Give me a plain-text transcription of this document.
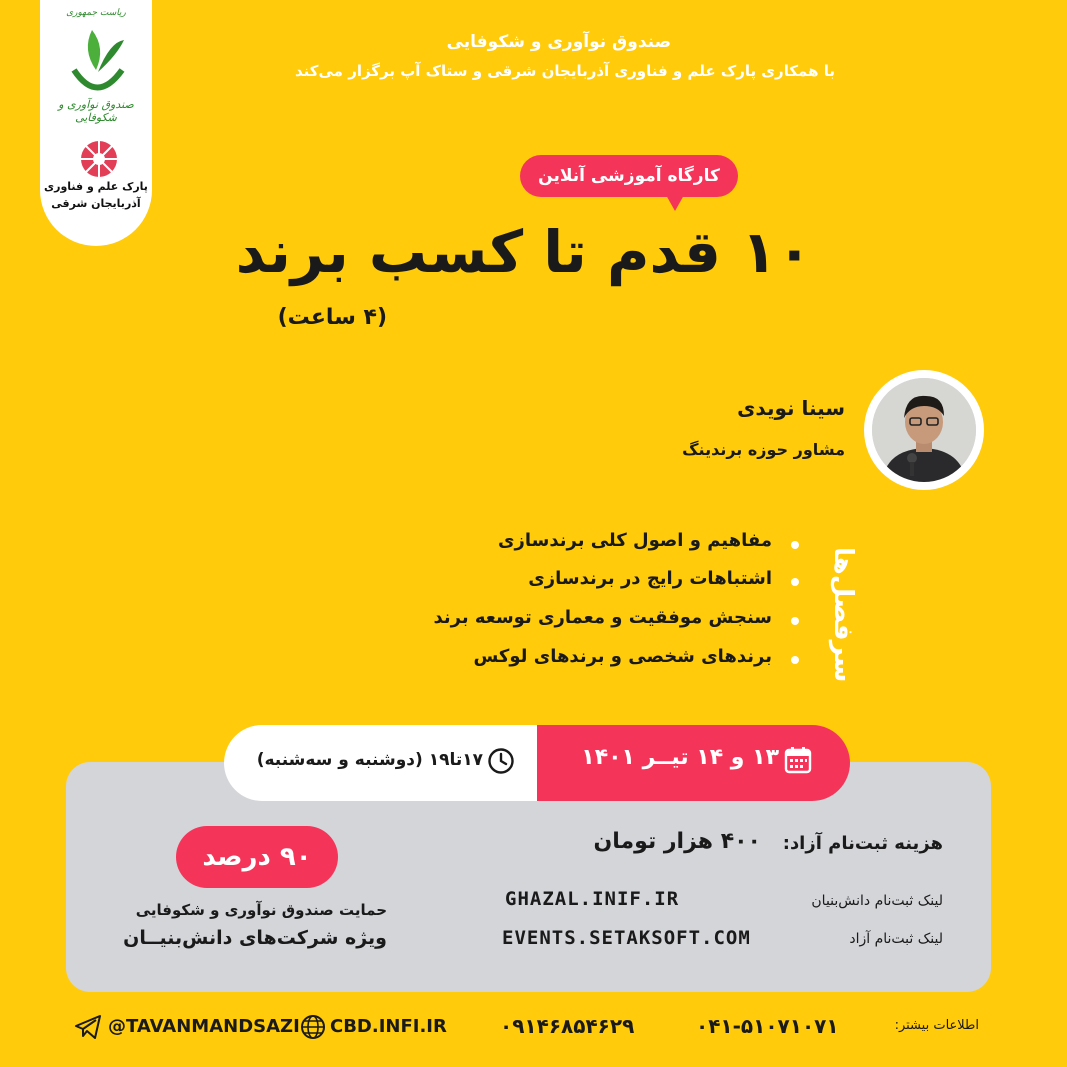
ریاست جمهوری
صندوق نوآوری و شکوفایی
پارک علم و فناوری
آذربایجان شرقی
صندوق نوآوری و شکوفایی
با همکاری پارک علم و فناوری آذربایجان شرقی و ستاک آپ برگزار می‌کند
کارگاه آموزشی آنلاین
۱۰ قدم تا کسب برند
(۴ ساعت)
سینا نویدی
مشاور حوزه برندینگ
سرفصل‌ها
مفاهیم و اصول کلی برندسازی
اشتباهات رایج در برندسازی
سنجش موفقیت و معماری توسعه برند
برندهای شخصی و برندهای لوکس
۱۳ و ۱۴ تیــر ۱۴۰۱
۱۷تا۱۹ (دوشنبه و سه‌شنبه)
هزینه ثبت‌نام آزاد:
۴۰۰ هزار تومان
لینک ثبت‌نام دانش‌بنیان
GHAZAL.INIF.IR
لینک ثبت‌نام آزاد
EVENTS.SETAKSOFT.COM
۹۰ درصد
حمایت صندوق نوآوری و شکوفایی
ویژه شرکت‌های دانش‌بنیــان
اطلاعات بیشتر:
۰۴۱-۵۱۰۷۱۰۷۱
۰۹۱۴۶۸۵۴۶۲۹
CBD.INFI.IR
@TAVANMANDSAZI
